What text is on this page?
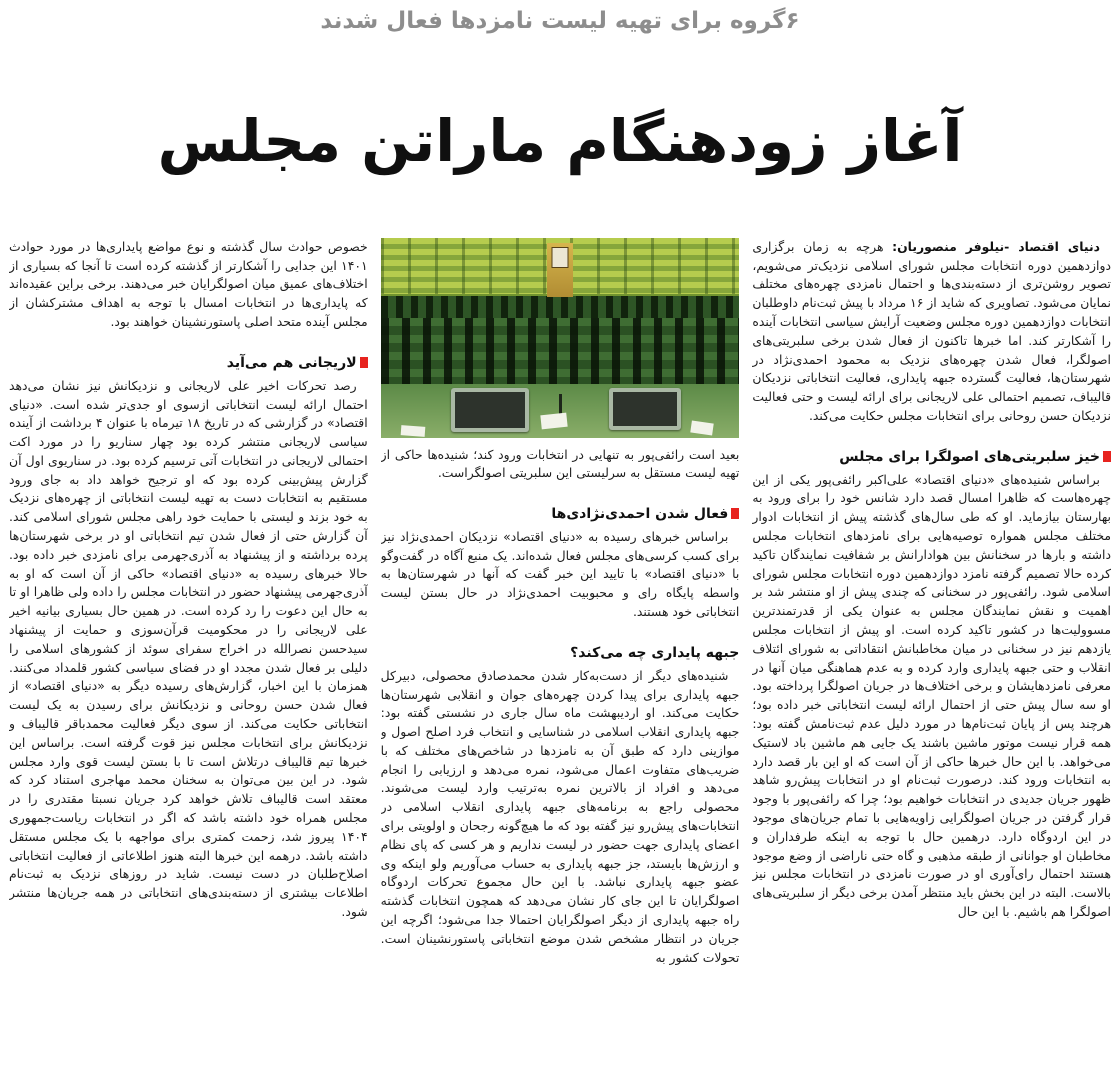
۶گروه برای تهیه لیست نامزدها فعال شدند
آغاز زودهنگام ماراتن مجلس

دنیای اقتصاد -نیلوفر منصوریان: هرچه به زمان برگزاری دوازدهمین دوره انتخابات مجلس شورای اسلامی نزدیک‌تر می‌شویم، تصویر روشن‌تری از دسته‌بندی‌ها و احتمال نامزدی چهره‌های مختلف نمایان می‌شود. تصاویری که شاید از ۱۶ مرداد با پیش ثبت‌نام داوطلبان انتخابات دوازدهمین دوره مجلس وضعیت آرایش سیاسی انتخابات آینده را آشکارتر کند. اما خبرها تاکنون از فعال شدن برخی سلبریتی‌های اصولگرا، فعال شدن چهره‌های نزدیک به محمود احمدی‌نژاد در شهرستان‌ها، فعالیت گسترده جبهه پایداری، فعالیت انتخاباتی نزدیکان قالیباف، تصمیم احتمالی علی لاریجانی برای ارائه لیست و حتی فعالیت نزدیکان حسن روحانی برای انتخابات مجلس حکایت می‌کند.

خیز سلبریتی‌های اصولگرا برای مجلس

براساس شنیده‌های «دنیای اقتصاد» علی‌اکبر رائفی‌پور یکی از این چهره‌هاست که ظاهرا امسال قصد دارد شانس خود را برای ورود به بهارستان بیازماید. او که طی سال‌های گذشته پیش از انتخابات ادوار مختلف مجلس همواره توصیه‌هایی برای نامزدهای انتخابات مجلس داشته و بارها در سخنانش بین هوادارانش بر شفافیت نمایندگان تاکید کرده حالا تصمیم گرفته نامزد دوازدهمین دوره انتخابات مجلس شورای اسلامی شود. رائفی‌پور در سخنانی که چندی پیش از او منتشر شد بر اهمیت و نقش نمایندگان مجلس به عنوان یکی از قدرتمندترین مسوولیت‌ها در کشور تاکید کرده است. او پیش از انتخابات مجلس یازدهم نیز در سخنانی در میان مخاطبانش انتقاداتی به شورای ائتلاف انقلاب و حتی جبهه پایداری وارد کرده و به عدم هماهنگی میان آنها در معرفی نامزدهایشان و برخی اختلاف‌ها در جریان اصولگرا پرداخته بود. او سه سال پیش حتی از احتمال ارائه لیست انتخاباتی خبر داده بود؛ هرچند پس از پایان ثبت‌نام‌ها در مورد دلیل عدم ثبت‌نامش گفته بود: همه قرار نیست موتور ماشین باشند یک جایی هم ماشین باد لاستیک می‌خواهد. با این حال خبرها حاکی از آن است که او این بار قصد دارد به انتخابات ورود کند. درصورت ثبت‌نام او در انتخابات پیش‌رو شاهد ظهور جریان جدیدی در انتخابات خواهیم بود؛ چرا که رائفی‌پور با وجود قرار گرفتن در جریان اصولگرایی زاویه‌هایی با تمام جریان‌های موجود در این اردوگاه دارد. درهمین حال با توجه به اینکه طرفداران و مخاطبان او جوانانی از طبقه مذهبی و گاه حتی ناراضی از وضع موجود هستند احتمال رای‌آوری او در صورت نامزدی در انتخابات مجلس نیز بالاست. البته در این بخش باید منتظر آمدن برخی دیگر از سلبریتی‌های اصولگرا هم باشیم. با این حال

بعید است رائفی‌پور به تنهایی در انتخابات ورود کند؛ شنیده‌ها حاکی از تهیه لیست مستقل به سرلیستی این سلبریتی اصولگراست.

فعال شدن احمدی‌نژادی‌ها

براساس خبرهای رسیده به «دنیای اقتصاد» نزدیکان احمدی‌نژاد نیز برای کسب کرسی‌های مجلس فعال شده‌اند. یک منبع آگاه در گفت‌وگو با «دنیای اقتصاد» با تایید این خبر گفت که آنها در شهرستان‌ها به واسطه پایگاه رای و محبوبیت احمدی‌نژاد در حال بستن لیست انتخاباتی خود هستند.

جبهه پایداری چه می‌کند؟

شنیده‌های دیگر از دست‌به‌کار شدن محمدصادق محصولی، دبیرکل جبهه پایداری برای پیدا کردن چهره‌های جوان و انقلابی شهرستان‌ها حکایت می‌کند. او اردیبهشت ماه سال جاری در نشستی گفته بود: جبهه پایداری انقلاب اسلامی در شناسایی و انتخاب فرد اصلح اصول و موازینی دارد که طبق آن به نامزدها در شاخص‌های مختلف که با ضریب‌های متفاوت اعمال می‌شود، نمره می‌دهد و ارزیابی را انجام می‌دهد و افراد از بالاترین نمره به‌ترتیب وارد لیست می‌شوند. محصولی راجع به برنامه‌های جبهه پایداری انقلاب اسلامی در انتخابات‌های پیش‌رو نیز گفته بود که ما هیچ‌گونه رجحان و اولویتی برای اعضای پایداری جهت حضور در لیست نداریم و هر کسی که پای نظام و ارزش‌ها بایستد، جز جبهه پایداری به حساب می‌آوریم ولو اینکه وی عضو جبهه پایداری نباشد. با این حال مجموع تحرکات اردوگاه اصولگرایان تا این جای کار نشان می‌دهد که همچون انتخابات گذشته راه جبهه پایداری از دیگر اصولگرایان احتمالا جدا می‌شود؛ اگرچه این جریان در انتظار مشخص شدن موضع انتخاباتی پاستورنشینان است. تحولات کشور به

خصوص حوادث سال گذشته و نوع مواضع پایداری‌ها در مورد حوادث ۱۴۰۱ این جدایی را آشکارتر از گذشته کرده است تا آنجا که بسیاری از اختلاف‌های عمیق میان اصولگرایان خبر می‌دهند. برخی براین عقیده‌اند که پایداری‌ها در انتخابات امسال با توجه به اهداف مشترکشان از مجلس آینده متحد اصلی پاستورنشینان خواهند بود.

لاریجانی هم می‌آید

رصد تحرکات اخیر علی لاریجانی و نزدیکانش نیز نشان می‌دهد احتمال ارائه لیست انتخاباتی ازسوی او جدی‌تر شده است. «دنیای اقتصاد» در گزارشی که در تاریخ ۱۸ تیرماه با عنوان ۴ برداشت از آینده سیاسی لاریجانی منتشر کرده بود چهار سناریو را در مورد اکت احتمالی لاریجانی در انتخابات آتی ترسیم کرده بود. در سناریوی اول آن گزارش پیش‌بینی کرده بود که او ترجیح خواهد داد به جای ورود مستقیم به انتخابات دست به تهیه لیست انتخاباتی از چهره‌های نزدیک به خود بزند و لیستی با حمایت خود راهی مجلس شورای اسلامی کند. آن گزارش حتی از فعال شدن تیم انتخاباتی او در برخی شهرستان‌ها پرده برداشته و از پیشنهاد به آذری‌جهرمی برای نامزدی خبر داده بود. حالا خبرهای رسیده به «دنیای اقتصاد» حاکی از آن است که او به آذری‌جهرمی پیشنهاد حضور در انتخابات مجلس را داده ولی ظاهرا او تا به حال این دعوت را رد کرده است. در همین حال بسیاری بیانیه اخیر علی لاریجانی را در محکومیت قرآن‌سوزی و حمایت از پیشنهاد سیدحسن نصرالله در اخراج سفرای سوئد از کشورهای اسلامی را دلیلی بر فعال شدن مجدد او در فضای سیاسی کشور قلمداد می‌کنند. همزمان با این اخبار، گزارش‌های رسیده دیگر به «دنیای اقتصاد» از فعال شدن حسن روحانی و نزدیکانش برای رسیدن به یک لیست انتخاباتی حکایت می‌کند. از سوی دیگر فعالیت محمدباقر قالیباف و نزدیکانش برای انتخابات مجلس نیز قوت گرفته است. براساس این خبرها تیم قالیباف درتلاش است تا با بستن لیست قوی وارد مجلس شود. در این بین می‌توان به سخنان محمد مهاجری استناد کرد که معتقد است قالیباف تلاش خواهد کرد جریان نسبتا مقتدری را در مجلس همراه خود داشته باشد که اگر در انتخابات ریاست‌جمهوری ۱۴۰۴ پیروز شد، زحمت کمتری برای مواجهه با یک مجلس مستقل داشته باشد. درهمه این خبرها البته هنوز اطلاعاتی از فعالیت انتخاباتی اصلاح‌طلبان در دست نیست. شاید در روزهای نزدیک به ثبت‌نام اطلاعات بیشتری از دسته‌بندی‌های انتخاباتی در همه جریان‌ها منتشر شود.
